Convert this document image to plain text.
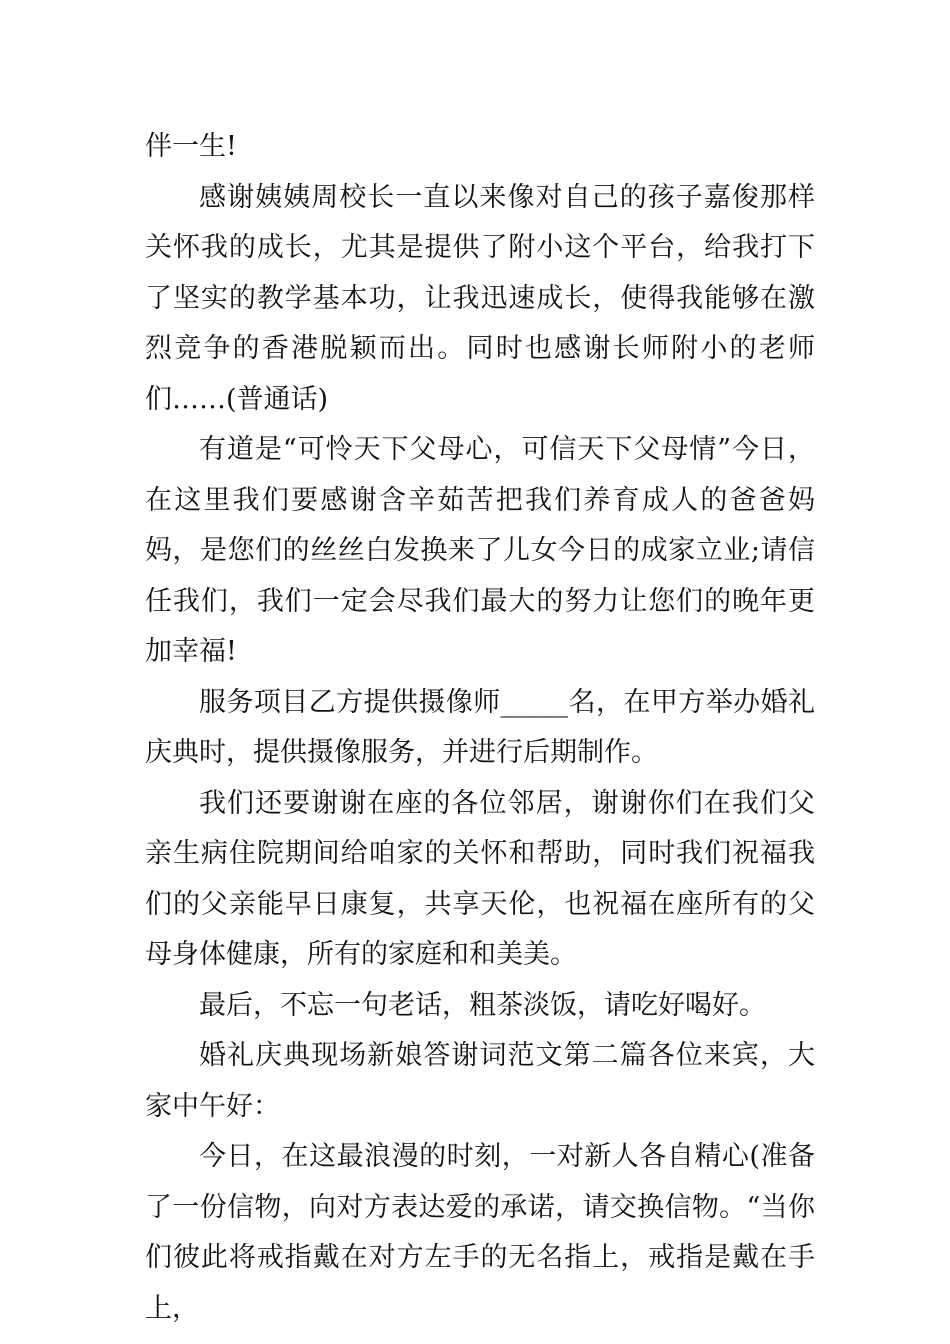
伴一生!

感谢姨姨周校长一直以来像对自己的孩子嘉俊那样关怀我的成长，尤其是提供了附小这个平台，给我打下了坚实的教学基本功，让我迅速成长，使得我能够在激烈竞争的香港脱颖而出。同时也感谢长师附小的老师们……(普通话)

有道是“可怜天下父母心，可信天下父母情”今日，在这里我们要感谢含辛茹苦把我们养育成人的爸爸妈妈，是您们的丝丝白发换来了儿女今日的成家立业;请信任我们，我们一定会尽我们最大的努力让您们的晚年更加幸福!

服务项目乙方提供摄像师_____名，在甲方举办婚礼庆典时，提供摄像服务，并进行后期制作。

我们还要谢谢在座的各位邻居，谢谢你们在我们父亲生病住院期间给咱家的关怀和帮助，同时我们祝福我们的父亲能早日康复，共享天伦，也祝福在座所有的父母身体健康，所有的家庭和和美美。

最后，不忘一句老话，粗茶淡饭，请吃好喝好。

婚礼庆典现场新娘答谢词范文第二篇各位来宾，大家中午好：

今日，在这最浪漫的时刻，一对新人各自精心(准备了一份信物，向对方表达爱的承诺，请交换信物。“当你们彼此将戒指戴在对方左手的无名指上，戒指是戴在手上，
